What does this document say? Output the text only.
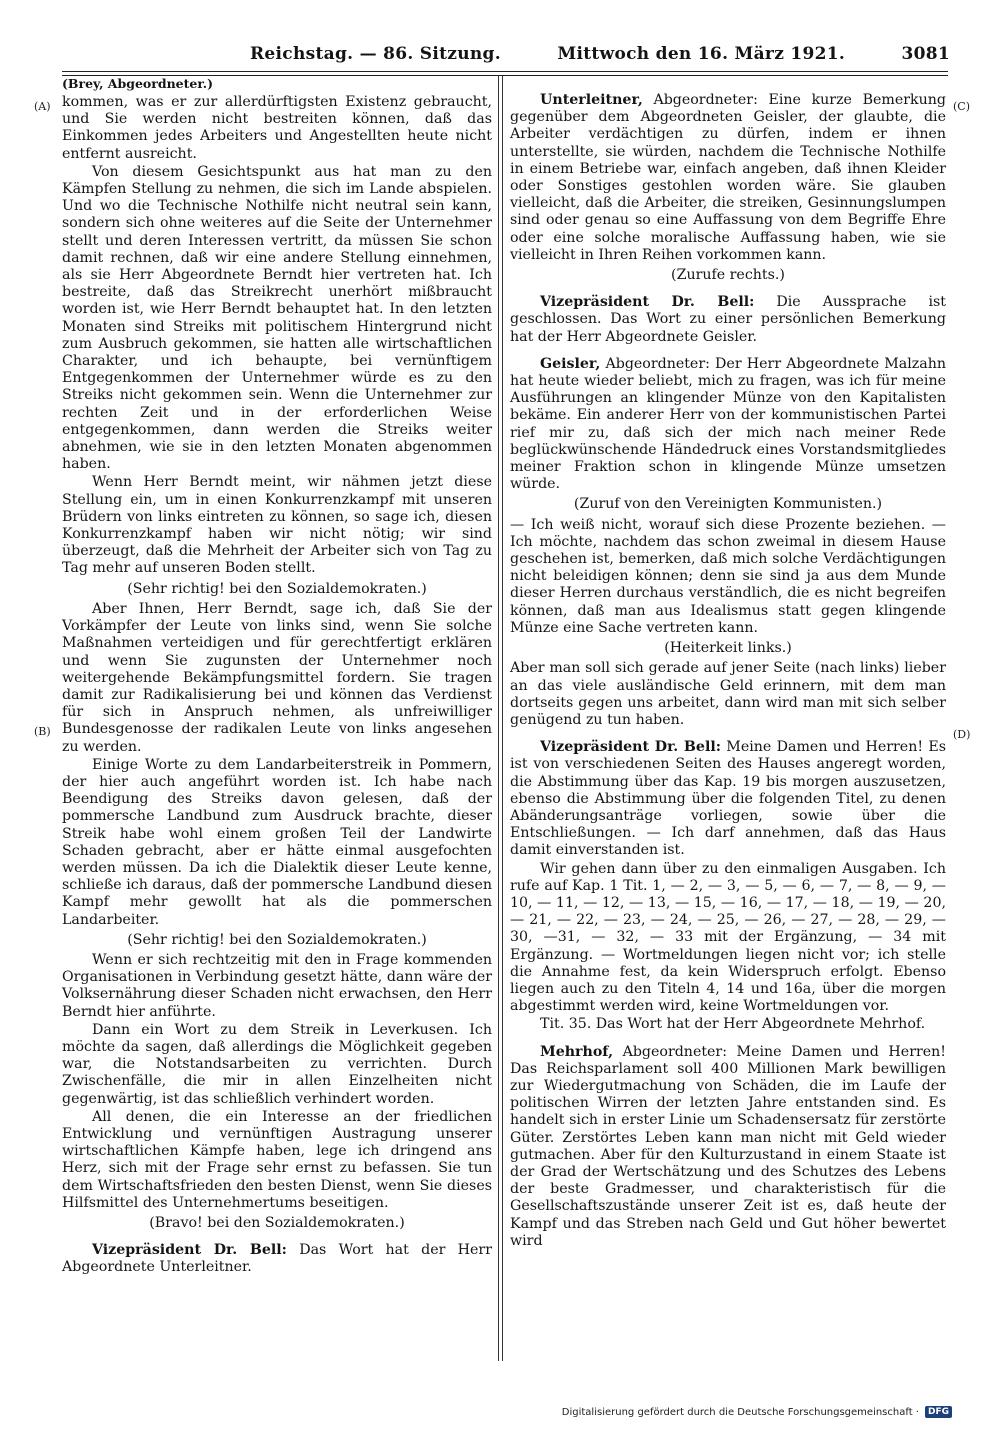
Reichstag. — 86. Sitzung.	Mittwoch den 16. März 1921.	3081
(Brey, Abgeordneter.)
(A)
(B)
(C)
(D)

kommen, was er zur allerdürftigsten Existenz gebraucht, und Sie werden nicht bestreiten können, daß das Einkommen jedes Arbeiters und Angestellten heute nicht entfernt ausreicht.

Von diesem Gesichtspunkt aus hat man zu den Kämpfen Stellung zu nehmen, die sich im Lande abspielen. Und wo die Technische Nothilfe nicht neutral sein kann, sondern sich ohne weiteres auf die Seite der Unternehmer stellt und deren Interessen vertritt, da müssen Sie schon damit rechnen, daß wir eine andere Stellung einnehmen, als sie Herr Abgeordnete Berndt hier vertreten hat. Ich bestreite, daß das Streikrecht unerhört mißbraucht worden ist, wie Herr Berndt behauptet hat. In den letzten Monaten sind Streiks mit politischem Hintergrund nicht zum Ausbruch gekommen, sie hatten alle wirtschaftlichen Charakter, und ich behaupte, bei vernünftigem Entgegenkommen der Unternehmer würde es zu den Streiks nicht gekommen sein. Wenn die Unternehmer zur rechten Zeit und in der erforderlichen Weise entgegenkommen, dann werden die Streiks weiter abnehmen, wie sie in den letzten Monaten abgenommen haben.

Wenn Herr Berndt meint, wir nähmen jetzt diese Stellung ein, um in einen Konkurrenzkampf mit unseren Brüdern von links eintreten zu können, so sage ich, diesen Konkurrenzkampf haben wir nicht nötig; wir sind überzeugt, daß die Mehrheit der Arbeiter sich von Tag zu Tag mehr auf unseren Boden stellt.

(Sehr richtig! bei den Sozialdemokraten.)

Aber Ihnen, Herr Berndt, sage ich, daß Sie der Vorkämpfer der Leute von links sind, wenn Sie solche Maßnahmen verteidigen und für gerechtfertigt erklären und wenn Sie zugunsten der Unternehmer noch weitergehende Bekämpfungsmittel fordern. Sie tragen damit zur Radikalisierung bei und können das Verdienst für sich in Anspruch nehmen, als unfreiwilliger Bundesgenosse der radikalen Leute von links angesehen zu werden.

Einige Worte zu dem Landarbeiterstreik in Pommern, der hier auch angeführt worden ist. Ich habe nach Beendigung des Streiks davon gelesen, daß der pommersche Landbund zum Ausdruck brachte, dieser Streik habe wohl einem großen Teil der Landwirte Schaden gebracht, aber er hätte einmal ausgefochten werden müssen. Da ich die Dialektik dieser Leute kenne, schließe ich daraus, daß der pommersche Landbund diesen Kampf mehr gewollt hat als die pommerschen Landarbeiter.

(Sehr richtig! bei den Sozialdemokraten.)

Wenn er sich rechtzeitig mit den in Frage kommenden Organisationen in Verbindung gesetzt hätte, dann wäre der Volksernährung dieser Schaden nicht erwachsen, den Herr Berndt hier anführte.

Dann ein Wort zu dem Streik in Leverkusen. Ich möchte da sagen, daß allerdings die Möglichkeit gegeben war, die Notstandsarbeiten zu verrichten. Durch Zwischenfälle, die mir in allen Einzelheiten nicht gegenwärtig, ist das schließlich verhindert worden.

All denen, die ein Interesse an der friedlichen Entwicklung und vernünftigen Austragung unserer wirtschaftlichen Kämpfe haben, lege ich dringend ans Herz, sich mit der Frage sehr ernst zu befassen. Sie tun dem Wirtschaftsfrieden den besten Dienst, wenn Sie dieses Hilfsmittel des Unternehmertums beseitigen.

(Bravo! bei den Sozialdemokraten.)

Vizepräsident Dr. Bell: Das Wort hat der Herr Abgeordnete Unterleitner.

Unterleitner, Abgeordneter: Eine kurze Bemerkung gegenüber dem Abgeordneten Geisler, der glaubte, die Arbeiter verdächtigen zu dürfen, indem er ihnen unterstellte, sie würden, nachdem die Technische Nothilfe in einem Betriebe war, einfach angeben, daß ihnen Kleider oder Sonstiges gestohlen worden wäre. Sie glauben vielleicht, daß die Arbeiter, die streiken, Gesinnungslumpen sind oder genau so eine Auffassung von dem Begriffe Ehre oder eine solche moralische Auffassung haben, wie sie vielleicht in Ihren Reihen vorkommen kann.

(Zurufe rechts.)

Vizepräsident Dr. Bell: Die Aussprache ist geschlossen. Das Wort zu einer persönlichen Bemerkung hat der Herr Abgeordnete Geisler.

Geisler, Abgeordneter: Der Herr Abgeordnete Malzahn hat heute wieder beliebt, mich zu fragen, was ich für meine Ausführungen an klingender Münze von den Kapitalisten bekäme. Ein anderer Herr von der kommunistischen Partei rief mir zu, daß sich der mich nach meiner Rede beglückwünschende Händedruck eines Vorstandsmitgliedes meiner Fraktion schon in klingende Münze umsetzen würde.

(Zuruf von den Vereinigten Kommunisten.)

— Ich weiß nicht, worauf sich diese Prozente beziehen. — Ich möchte, nachdem das schon zweimal in diesem Hause geschehen ist, bemerken, daß mich solche Verdächtigungen nicht beleidigen können; denn sie sind ja aus dem Munde dieser Herren durchaus verständlich, die es nicht begreifen können, daß man aus Idealismus statt gegen klingende Münze eine Sache vertreten kann.

(Heiterkeit links.)

Aber man soll sich gerade auf jener Seite (nach links) lieber an das viele ausländische Geld erinnern, mit dem man dortseits gegen uns arbeitet, dann wird man mit sich selber genügend zu tun haben.

Vizepräsident Dr. Bell: Meine Damen und Herren! Es ist von verschiedenen Seiten des Hauses angeregt worden, die Abstimmung über das Kap. 19 bis morgen auszusetzen, ebenso die Abstimmung über die folgenden Titel, zu denen Abänderungsanträge vorliegen, sowie über die Entschließungen. — Ich darf annehmen, daß das Haus damit einverstanden ist.

Wir gehen dann über zu den einmaligen Ausgaben. Ich rufe auf Kap. 1 Tit. 1, — 2, — 3, — 5, — 6, — 7, — 8, — 9, — 10, — 11, — 12, — 13, — 15, — 16, — 17, — 18, — 19, — 20, — 21, — 22, — 23, — 24, — 25, — 26, — 27, — 28, — 29, — 30, —31, — 32, — 33 mit der Ergänzung, — 34 mit Ergänzung. — Wortmeldungen liegen nicht vor; ich stelle die Annahme fest, da kein Widerspruch erfolgt. Ebenso liegen auch zu den Titeln 4, 14 und 16a, über die morgen abgestimmt werden wird, keine Wortmeldungen vor.

Tit. 35. Das Wort hat der Herr Abgeordnete Mehrhof.

Mehrhof, Abgeordneter: Meine Damen und Herren! Das Reichsparlament soll 400 Millionen Mark bewilligen zur Wiedergutmachung von Schäden, die im Laufe der politischen Wirren der letzten Jahre entstanden sind. Es handelt sich in erster Linie um Schadensersatz für zerstörte Güter. Zerstörtes Leben kann man nicht mit Geld wieder gutmachen. Aber für den Kulturzustand in einem Staate ist der Grad der Wertschätzung und des Schutzes des Lebens der beste Gradmesser, und charakteristisch für die Gesellschaftszustände unserer Zeit ist es, daß heute der Kampf und das Streben nach Geld und Gut höher bewertet wird

Digitalisierung gefördert durch die Deutsche Forschungsgemeinschaft ·	DFG
